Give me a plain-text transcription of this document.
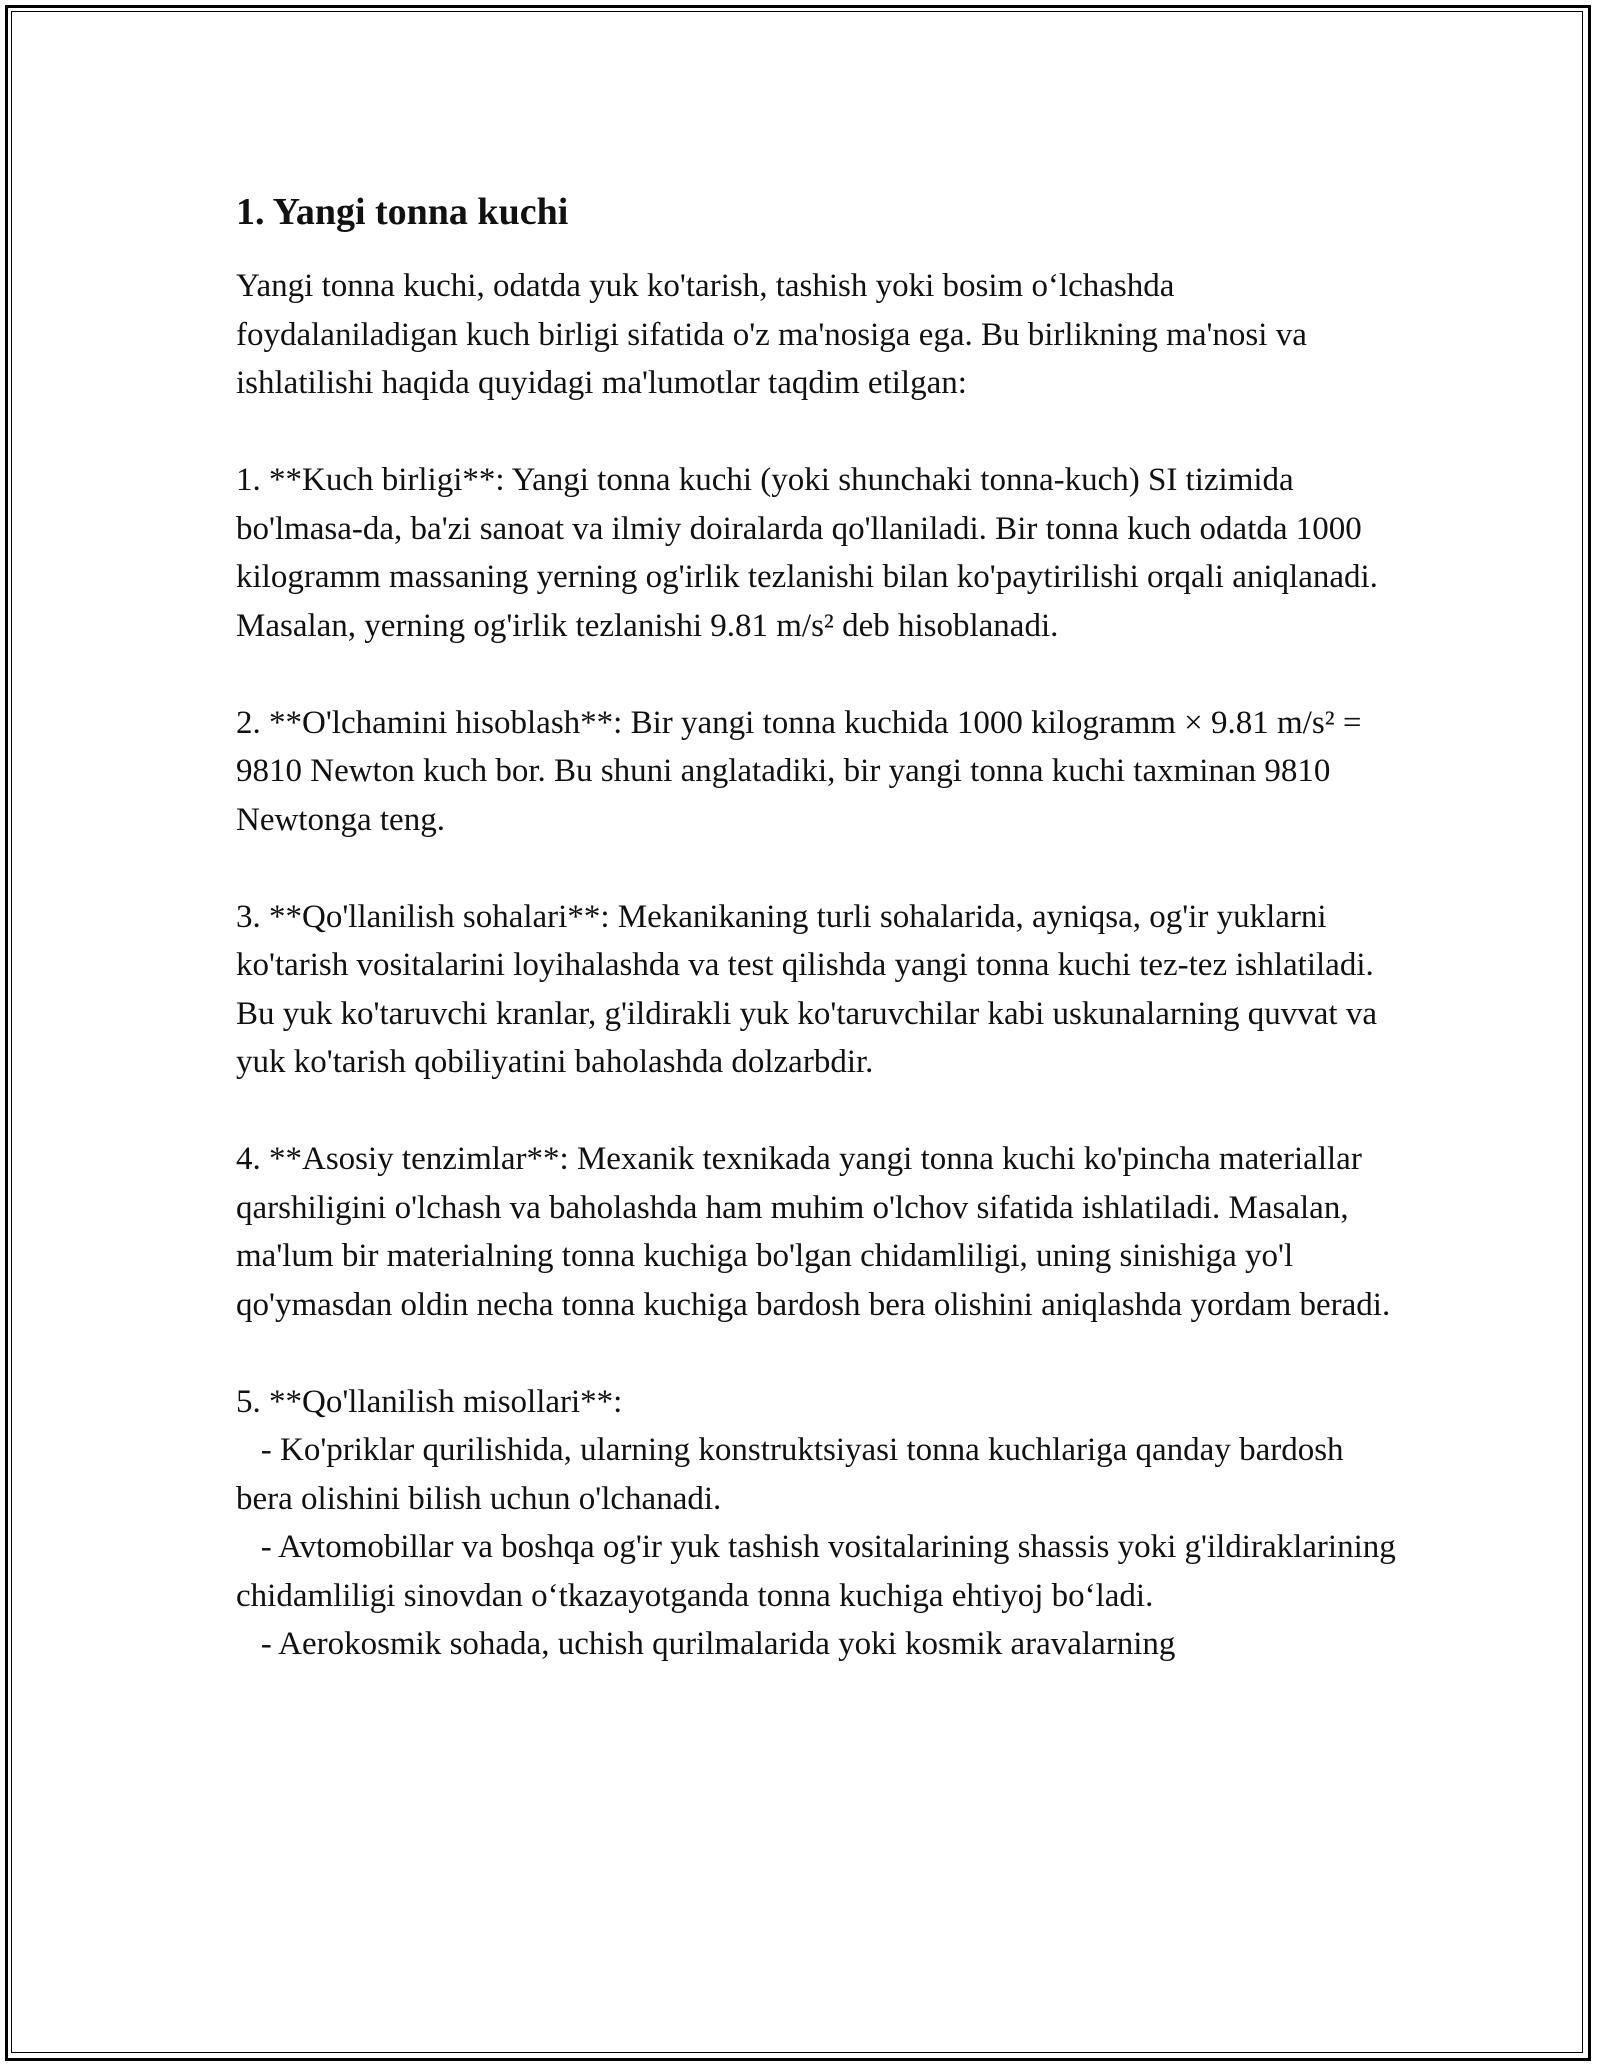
1. Yangi tonna kuchi

Yangi tonna kuchi, odatda yuk ko'tarish, tashish yoki bosim o‘lchashda foydalaniladigan kuch birligi sifatida o'z ma'nosiga ega. Bu birlikning ma'nosi va ishlatilishi haqida quyidagi ma'lumotlar taqdim etilgan:

1. **Kuch birligi**: Yangi tonna kuchi (yoki shunchaki tonna-kuch) SI tizimida bo'lmasa-da, ba'zi sanoat va ilmiy doiralarda qo'llaniladi. Bir tonna kuch odatda 1000 kilogramm massaning yerning og'irlik tezlanishi bilan ko'paytirilishi orqali aniqlanadi. Masalan, yerning og'irlik tezlanishi 9.81 m/s² deb hisoblanadi.

2. **O'lchamini hisoblash**: Bir yangi tonna kuchida 1000 kilogramm × 9.81 m/s² = 9810 Newton kuch bor. Bu shuni anglatadiki, bir yangi tonna kuchi taxminan 9810 Newtonga teng.

3. **Qo'llanilish sohalari**: Mekanikaning turli sohalarida, ayniqsa, og'ir yuklarni ko'tarish vositalarini loyihalashda va test qilishda yangi tonna kuchi tez-tez ishlatiladi. Bu yuk ko'taruvchi kranlar, g'ildirakli yuk ko'taruvchilar kabi uskunalarning quvvat va yuk ko'tarish qobiliyatini baholashda dolzarbdir.

4. **Asosiy tenzimlar**: Mexanik texnikada yangi tonna kuchi ko'pincha materiallar qarshiligini o'lchash va baholashda ham muhim o'lchov sifatida ishlatiladi. Masalan, ma'lum bir materialning tonna kuchiga bo'lgan chidamliligi, uning sinishiga yo'l qo'ymasdan oldin necha tonna kuchiga bardosh bera olishini aniqlashda yordam beradi.

5. **Qo'llanilish misollari**:
- Ko'priklar qurilishida, ularning konstruktsiyasi tonna kuchlariga qanday bardosh bera olishini bilish uchun o'lchanadi.
- Avtomobillar va boshqa og'ir yuk tashish vositalarining shassis yoki g'ildiraklarining chidamliligi sinovdan o‘tkazayotganda tonna kuchiga ehtiyoj bo‘ladi.
- Aerokosmik sohada, uchish qurilmalarida yoki kosmik aravalarning
